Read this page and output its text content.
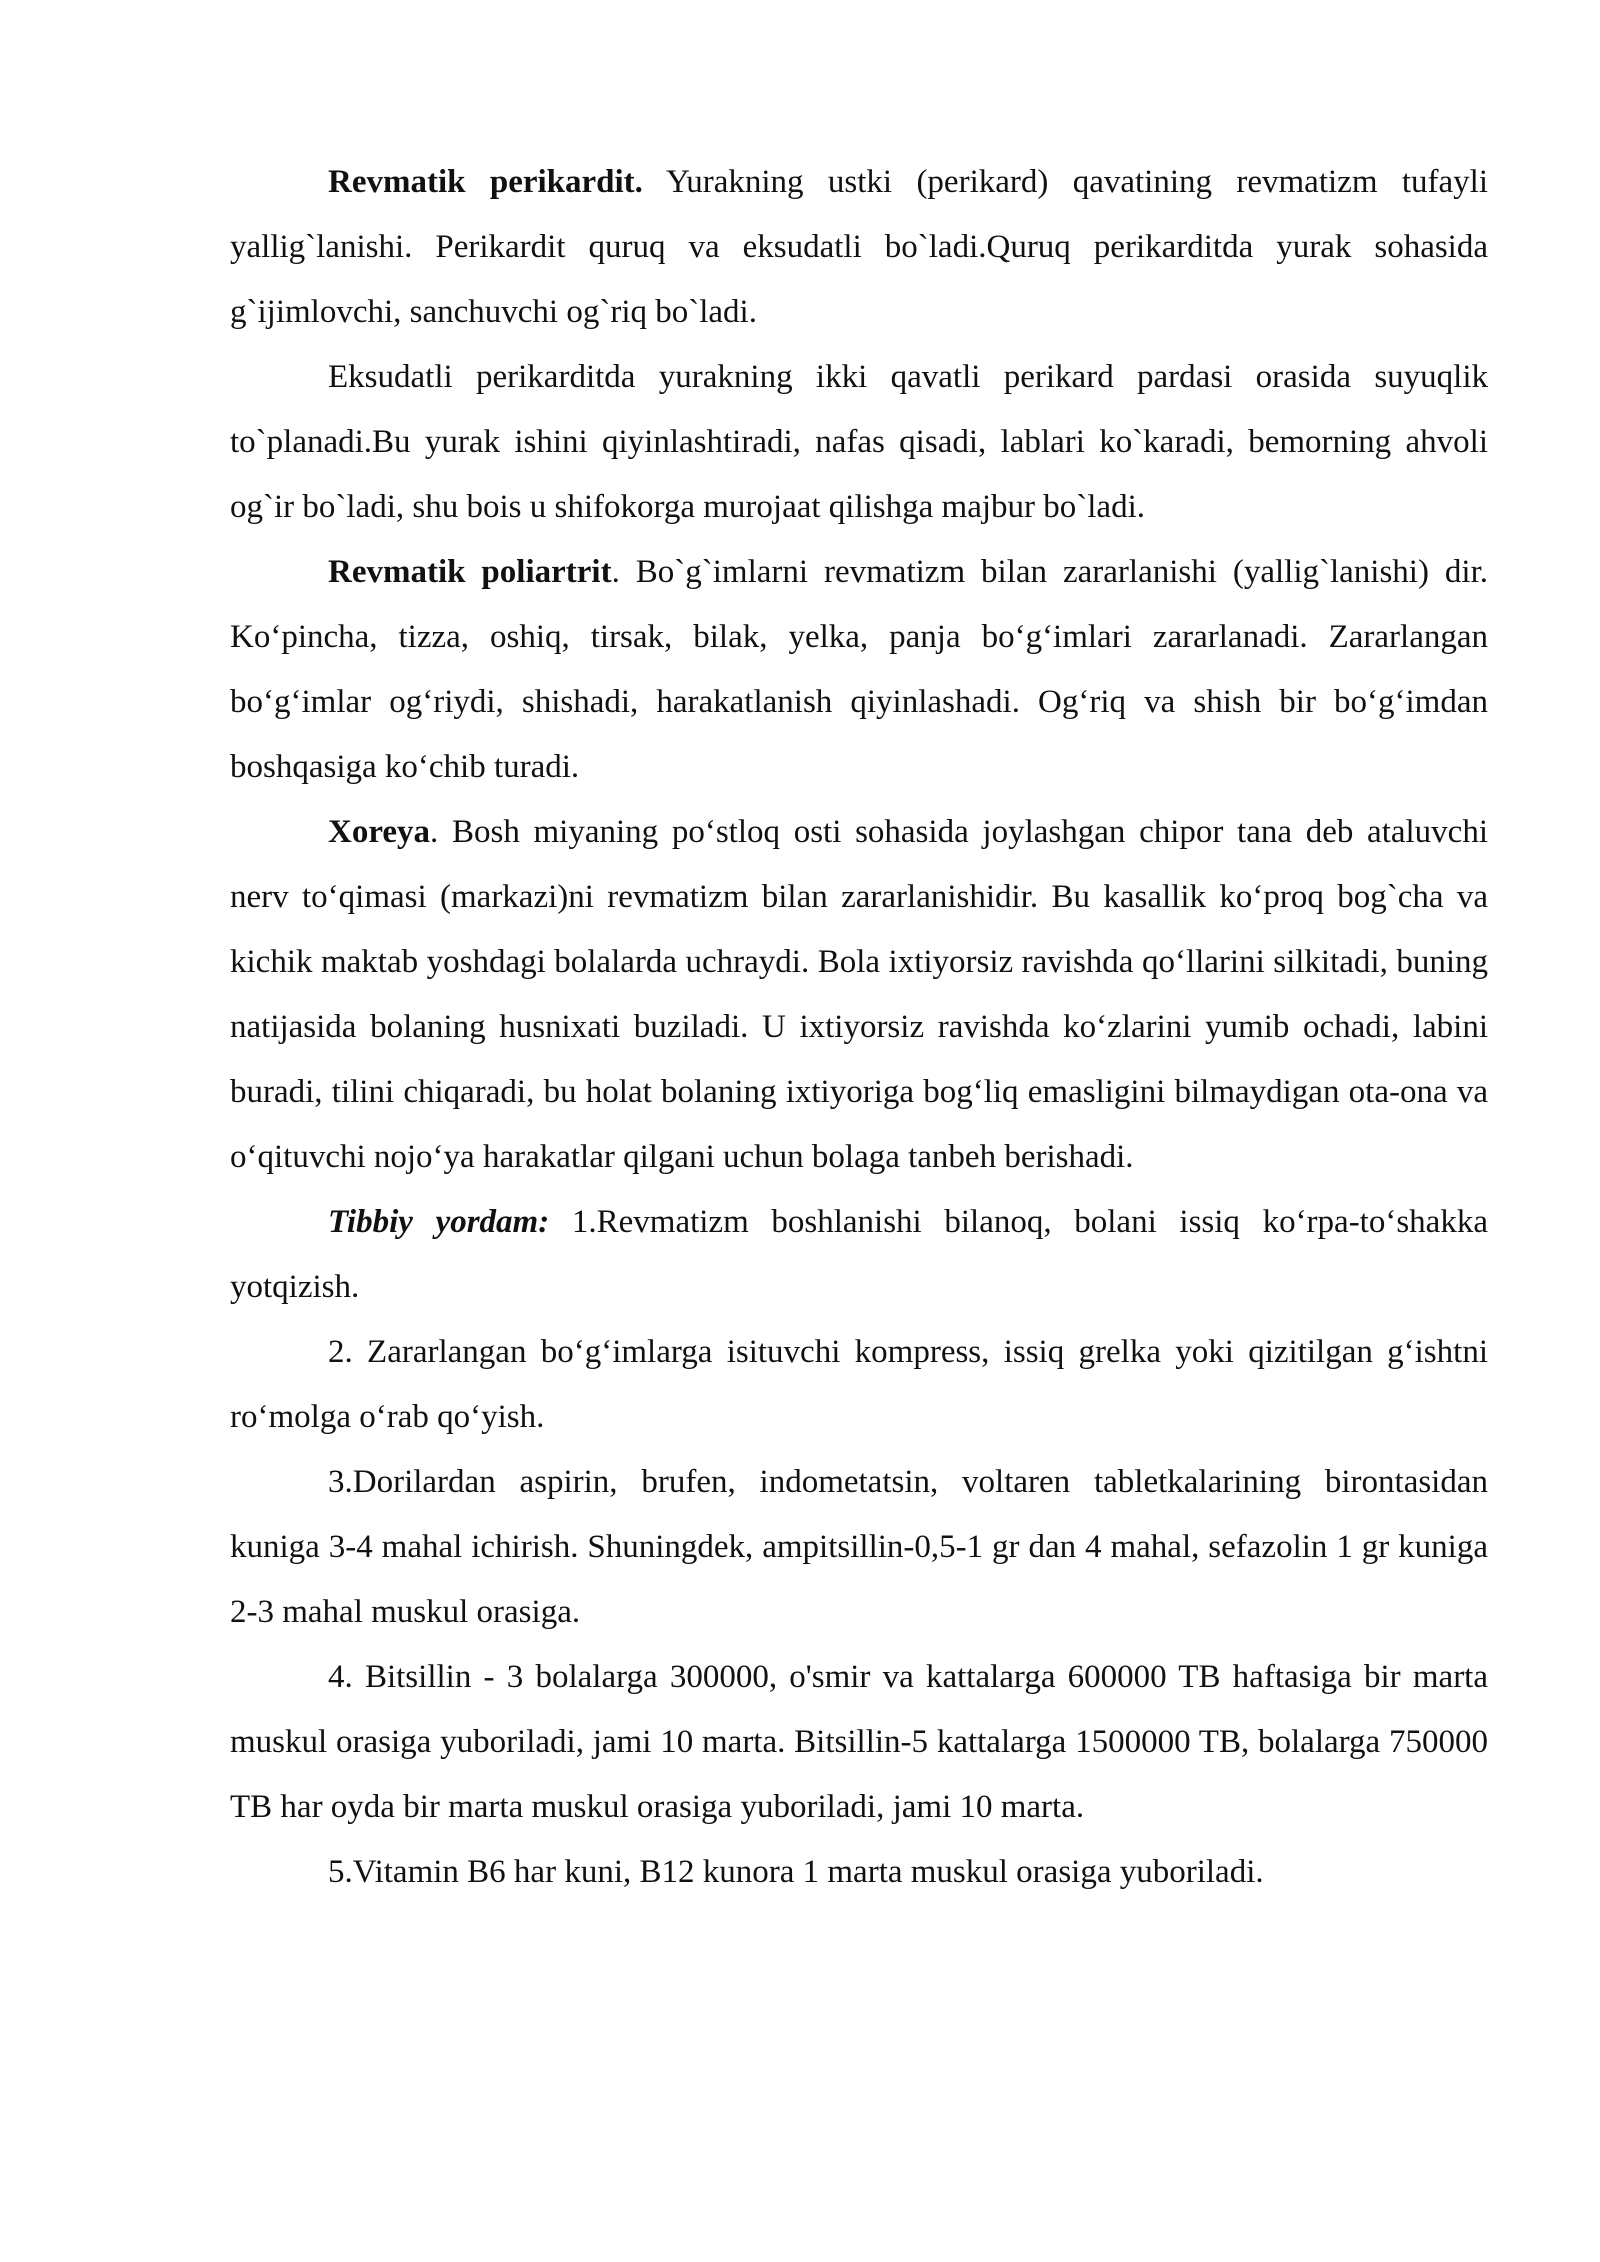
Revmatik perikardit. Yurakning ustki (perikard) qavatining revmatizm tufayli yallig`lanishi. Perikardit quruq va eksudatli bo`ladi.Quruq perikarditda yurak sohasida g`ijimlovchi, sanchuvchi og`riq bo`ladi.

Eksudatli perikarditda yurakning ikki qavatli perikard pardasi orasida suyuqlik to`planadi.Bu yurak ishini qiyinlashtiradi, nafas qisadi, lablari ko`karadi, bemorning ahvoli og`ir bo`ladi, shu bois u shifokorga murojaat qilishga majbur bo`ladi.

Revmatik poliartrit. Bo`g`imlarni revmatizm bilan zararlanishi (yallig`lanishi) dir. Ko‘pincha, tizza, oshiq, tirsak, bilak, yelka, panja bo‘g‘imlari zararlanadi. Zararlangan bo‘g‘imlar og‘riydi, shishadi, harakatlanish qiyinlashadi. Og‘riq va shish bir bo‘g‘imdan boshqasiga ko‘chib turadi.

Xoreya. Bosh miyaning po‘stloq osti sohasida joylashgan chipor tana deb ataluvchi nerv to‘qimasi (markazi)ni revmatizm bilan zararlanishidir. Bu kasallik ko‘proq bog`cha va kichik maktab yoshdagi bolalarda uchraydi. Bola ixtiyorsiz ravishda qo‘llarini silkitadi, buning natijasida bolaning husnixati buziladi. U ixtiyorsiz ravishda ko‘zlarini yumib ochadi, labini buradi, tilini chiqaradi, bu holat bolaning ixtiyoriga bog‘liq emasligini bilmaydigan ota-ona va o‘qituvchi nojo‘ya harakatlar qilgani uchun bolaga tanbeh berishadi.

Tibbiy yordam: 1.Revmatizm boshlanishi bilanoq, bolani issiq ko‘rpa-to‘shakka yotqizish.

2. Zararlangan bo‘g‘imlarga isituvchi kompress, issiq grelka yoki qizitilgan g‘ishtni ro‘molga o‘rab qo‘yish.

3.Dorilardan aspirin, brufen, indometatsin, voltaren tabletkalarining birontasidan kuniga 3-4 mahal ichirish. Shuningdek, ampitsillin-0,5-1 gr dan 4 mahal, sefazolin 1 gr kuniga 2-3 mahal muskul orasiga.

4. Bitsillin - 3 bolalarga 300000, o'smir va kattalarga 600000 TB haftasiga bir marta muskul orasiga yuboriladi, jami 10 marta. Bitsillin-5 kattalarga 1500000 TB, bolalarga 750000 TB har oyda bir marta muskul orasiga yuboriladi, jami 10 marta.

5.Vitamin B6 har kuni, B12 kunora 1 marta muskul orasiga yuboriladi.
